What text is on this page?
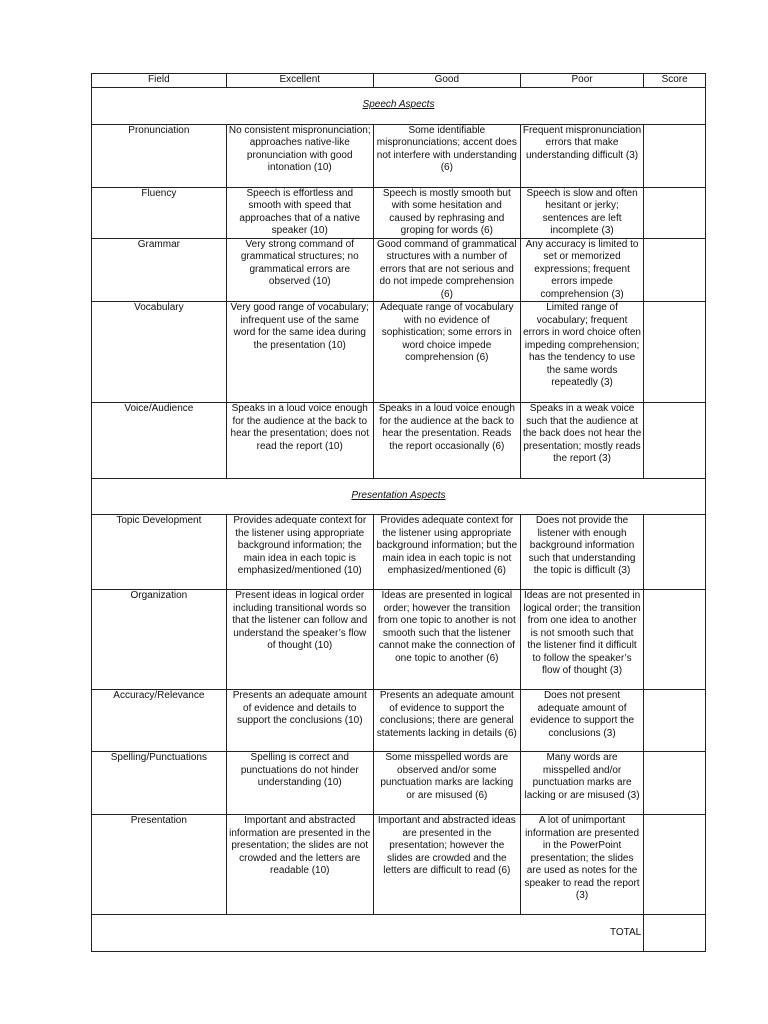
Field	Excellent	Good	Poor	Score
Speech Aspects				
Pronunciation	No consistent mispronunciation; approaches native-like pronunciation with good intonation (10)	Some identifiable mispronunciations; accent does not interfere with understanding (6)	Frequent mispronunciation errors that make understanding difficult (3)	
Fluency	Speech is effortless and smooth with speed that approaches that of a native speaker (10)	Speech is mostly smooth but with some hesitation and caused by rephrasing and groping for words (6)	Speech is slow and often hesitant or jerky; sentences are left incomplete (3)	
Grammar	Very strong command of grammatical structures; no grammatical errors are observed (10)	Good command of grammatical structures with a number of errors that are not serious and do not impede comprehension (6)	Any accuracy is limited to set or memorized expressions; frequent errors impede comprehension (3)	
Vocabulary	Very good range of vocabulary; infrequent use of the same word for the same idea during the presentation (10)	Adequate range of vocabulary with no evidence of sophistication; some errors in word choice impede comprehension (6)	Limited range of vocabulary; frequent errors in word choice often impeding comprehension; has the tendency to use the same words repeatedly (3)	
Voice/Audience	Speaks in a loud voice enough for the audience at the back to hear the presentation; does not read the report (10)	Speaks in a loud voice enough for the audience at the back to hear the presentation. Reads the report occasionally (6)	Speaks in a weak voice such that the audience at the back does not hear the presentation; mostly reads the report (3)	
Presentation Aspects				
Topic Development	Provides adequate context for the listener using appropriate background information; the main idea in each topic is emphasized/mentioned (10)	Provides adequate context for the listener using appropriate background information; but the main idea in each topic is not emphasized/mentioned (6)	Does not provide the listener with enough background information such that understanding the topic is difficult (3)	
Organization	Present ideas in logical order including transitional words so that the listener can follow and understand the speaker’s flow of thought (10)	Ideas are presented in logical order; however the transition from one topic to another is not smooth such that the listener cannot make the connection of one topic to another (6)	Ideas are not presented in logical order; the transition from one idea to another is not smooth such that the listener find it difficult to follow the speaker’s flow of thought (3)	
Accuracy/Relevance	Presents an adequate amount of evidence and details to support the conclusions (10)	Presents an adequate amount of evidence to support the conclusions; there are general statements lacking in details (6)	Does not present adequate amount of evidence to support the conclusions (3)	
Spelling/Punctuations	Spelling is correct and punctuations do not hinder understanding (10)	Some misspelled words are observed and/or some punctuation marks are lacking or are misused (6)	Many words are misspelled and/or punctuation marks are lacking or are misused (3)	
Presentation	Important and abstracted information are presented in the presentation; the slides are not crowded and the letters are readable (10)	Important and abstracted ideas are presented in the presentation; however the slides are crowded and the letters are difficult to read (6)	A lot of unimportant information are presented in the PowerPoint presentation; the slides are used as notes for the speaker to read the report (3)	
TOTAL				
